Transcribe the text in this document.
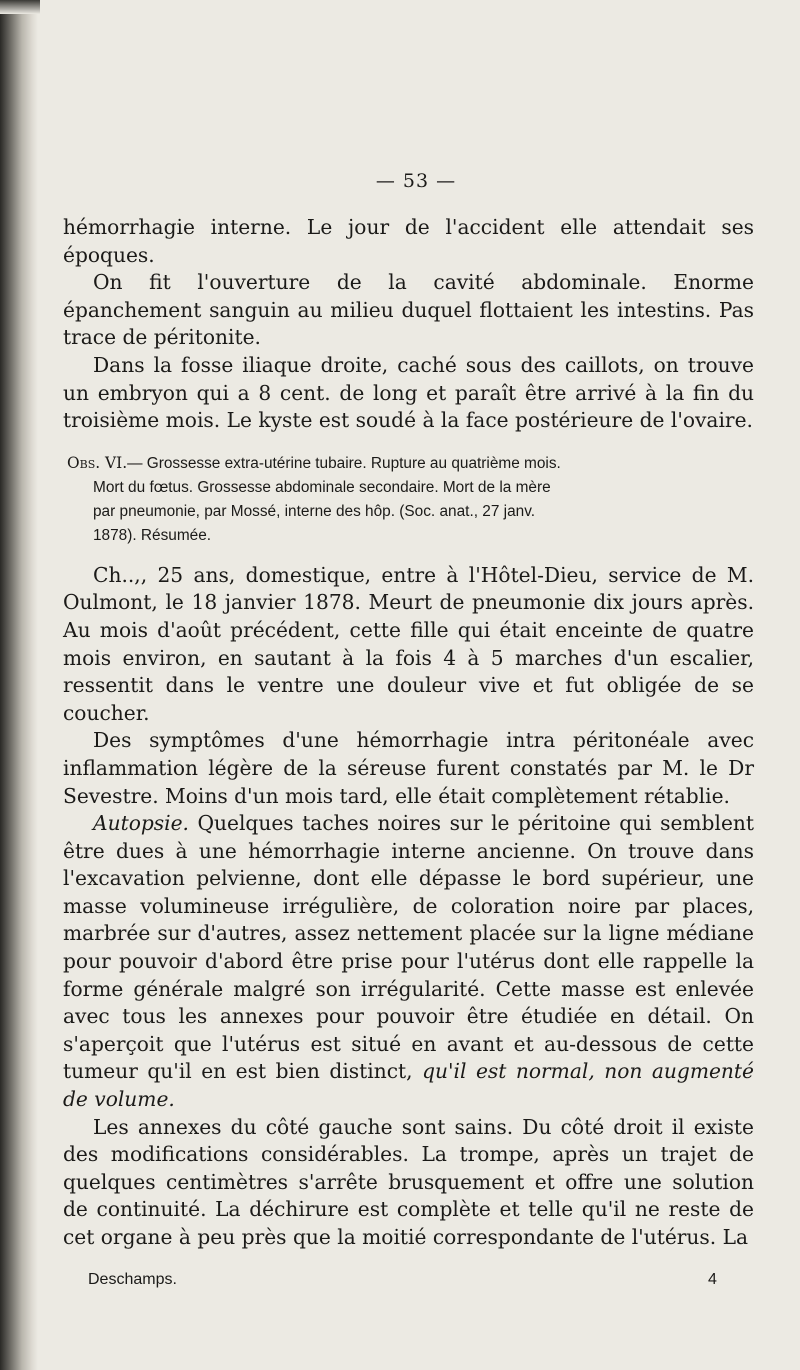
— 53 —

hémorrhagie interne. Le jour de l'accident elle attendait ses époques.

On fit l'ouverture de la cavité abdominale. Enorme épanchement sanguin au milieu duquel flottaient les intestins. Pas trace de péritonite.

Dans la fosse iliaque droite, caché sous des caillots, on trouve un embryon qui a 8 cent. de long et paraît être arrivé à la fin du troisième mois. Le kyste est soudé à la face postérieure de l'ovaire.

Obs. VI.— Grossesse extra-utérine tubaire. Rupture au quatrième mois.
Mort du fœtus. Grossesse abdominale secondaire. Mort de la mère
par pneumonie, par Mossé, interne des hôp. (Soc. anat., 27 janv.
1878). Résumée.

Ch..,, 25 ans, domestique, entre à l'Hôtel-Dieu, service de M. Oulmont, le 18 janvier 1878. Meurt de pneumonie dix jours après. Au mois d'août précédent, cette fille qui était enceinte de quatre mois environ, en sautant à la fois 4 à 5 marches d'un escalier, ressentit dans le ventre une douleur vive et fut obligée de se coucher.

Des symptômes d'une hémorrhagie intra péritonéale avec inflammation légère de la séreuse furent constatés par M. le Dr Sevestre. Moins d'un mois tard, elle était complètement rétablie.

Autopsie. Quelques taches noires sur le péritoine qui semblent être dues à une hémorrhagie interne ancienne. On trouve dans l'excavation pelvienne, dont elle dépasse le bord supérieur, une masse volumineuse irrégulière, de coloration noire par places, marbrée sur d'autres, assez nettement placée sur la ligne médiane pour pouvoir d'abord être prise pour l'utérus dont elle rappelle la forme générale malgré son irrégularité. Cette masse est enlevée avec tous les annexes pour pouvoir être étudiée en détail. On s'aperçoit que l'utérus est situé en avant et au-dessous de cette tumeur qu'il en est bien distinct, qu'il est normal, non augmenté de volume.

Les annexes du côté gauche sont sains. Du côté droit il existe des modifications considérables. La trompe, après un trajet de quelques centimètres s'arrête brusquement et offre une solution de continuité. La déchirure est complète et telle qu'il ne reste de cet organe à peu près que la moitié correspondante de l'utérus. La

Deschamps.	4
